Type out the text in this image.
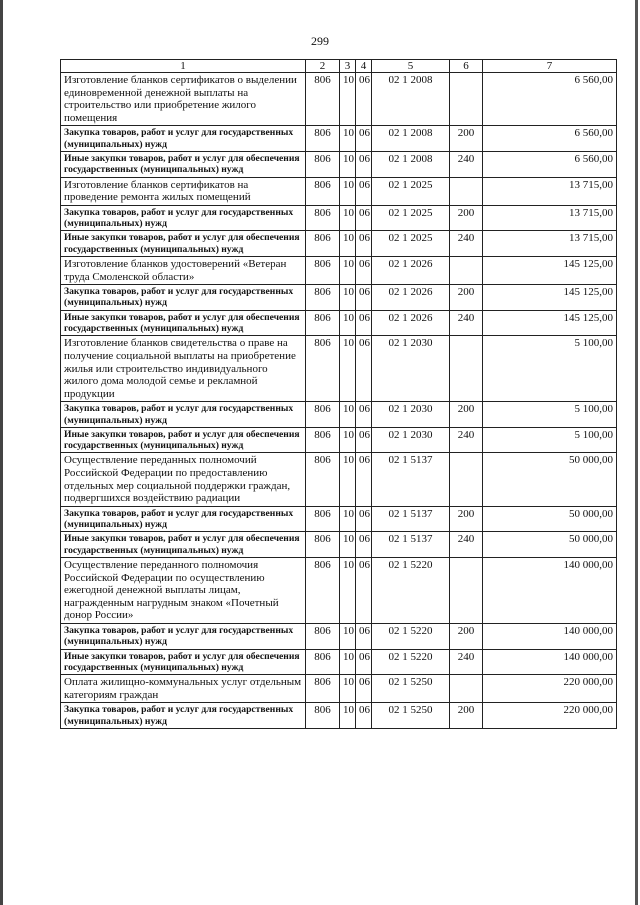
299
1	2	3	4	5	6	7
Изготовление бланков сертификатов о выделении единовременной денежной выплаты на строительство или приобретение жилого помещения	806	10	06	02 1 2008		6 560,00
Закупка товаров, работ и услуг для государственных (муниципальных) нужд	806	10	06	02 1 2008	200	6 560,00
Иные закупки товаров, работ и услуг для обеспечения государственных (муниципальных) нужд	806	10	06	02 1 2008	240	6 560,00
Изготовление бланков сертификатов на проведение ремонта жилых помещений	806	10	06	02 1 2025		13 715,00
Закупка товаров, работ и услуг для государственных (муниципальных) нужд	806	10	06	02 1 2025	200	13 715,00
Иные закупки товаров, работ и услуг для обеспечения государственных (муниципальных) нужд	806	10	06	02 1 2025	240	13 715,00
Изготовление бланков удостоверений «Ветеран труда Смоленской области»	806	10	06	02 1 2026		145 125,00
Закупка товаров, работ и услуг для государственных (муниципальных) нужд	806	10	06	02 1 2026	200	145 125,00
Иные закупки товаров, работ и услуг для обеспечения государственных (муниципальных) нужд	806	10	06	02 1 2026	240	145 125,00
Изготовление бланков свидетельства о праве на получение социальной выплаты на приобретение жилья или строительство индивидуального жилого дома молодой семье и рекламной продукции	806	10	06	02 1 2030		5 100,00
Закупка товаров, работ и услуг для государственных (муниципальных) нужд	806	10	06	02 1 2030	200	5 100,00
Иные закупки товаров, работ и услуг для обеспечения государственных (муниципальных) нужд	806	10	06	02 1 2030	240	5 100,00
Осуществление переданных полномочий Российской Федерации по предоставлению отдельных мер социальной поддержки граждан, подвергшихся воздействию радиации	806	10	06	02 1 5137		50 000,00
Закупка товаров, работ и услуг для государственных (муниципальных) нужд	806	10	06	02 1 5137	200	50 000,00
Иные закупки товаров, работ и услуг для обеспечения государственных (муниципальных) нужд	806	10	06	02 1 5137	240	50 000,00
Осуществление переданного полномочия Российской Федерации по осуществлению ежегодной денежной выплаты лицам, награжденным нагрудным знаком «Почетный донор России»	806	10	06	02 1 5220		140 000,00
Закупка товаров, работ и услуг для государственных (муниципальных) нужд	806	10	06	02 1 5220	200	140 000,00
Иные закупки товаров, работ и услуг для обеспечения государственных (муниципальных) нужд	806	10	06	02 1 5220	240	140 000,00
Оплата жилищно-коммунальных услуг отдельным категориям граждан	806	10	06	02 1 5250		220 000,00
Закупка товаров, работ и услуг для государственных (муниципальных) нужд	806	10	06	02 1 5250	200	220 000,00
